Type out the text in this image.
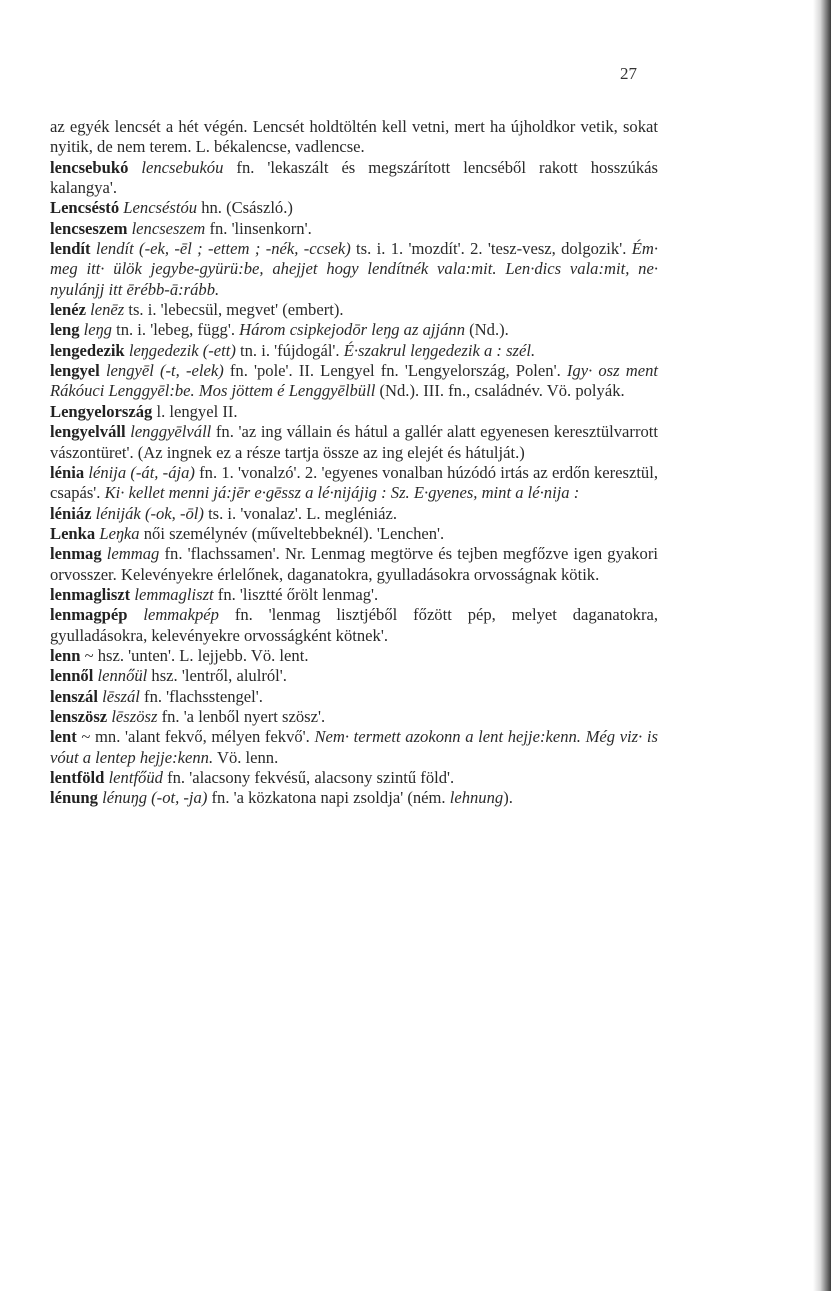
27

az egyék lencsét a hét végén. Lencsét holdtöltén kell vetni, mert ha újholdkor vetik, sokat nyitik, de nem terem. L. békalencse, vadlencse.

lencsebukó lencsebukóu fn. 'lekaszált és megszárított lencséből rakott hosszúkás kalangya'.

Lencséstó Lencséstóu hn. (Császló.)

lencseszem lencseszem fn. 'linsenkorn'.

lendít lendít (-ek, -ēl ; -ettem ; -nék, -ccsek) ts. i. 1. 'mozdít'. 2. 'tesz-vesz, dolgozik'. Ém· meg itt· ülök jegybe-gyürü:be, ahejjet hogy lendítnék vala:mit. Len·dics vala:mit, ne· nyulánjj itt ērébb-ā:rább.

lenéz lenēz ts. i. 'lebecsül, megvet' (embert).

leng leŋg tn. i. 'lebeg, függ'. Három csipkejodōr leŋg az ajjánn (Nd.).

lengedezik leŋgedezik (-ett) tn. i. 'fújdogál'. É·szakrul leŋgedezik a : szél.

lengyel lengyēl (-t, -elek) fn. 'pole'. II. Lengyel fn. 'Lengyelország, Polen'. Igy· osz ment Rákóuci Lenggyēl:be. Mos jöttem é Lenggyēlbüll (Nd.). III. fn., családnév. Vö. polyák.

Lengyelország l. lengyel II.

lengyelváll lenggyēlváll fn. 'az ing vállain és hátul a gallér alatt egyenesen keresztülvarrott vászontüret'. (Az ingnek ez a része tartja össze az ing elejét és hátulját.)

lénia lénija (-át, -ája) fn. 1. 'vonalzó'. 2. 'egyenes vonalban húzódó irtás az erdőn keresztül, csapás'. Ki· kellet menni já:jēr e·gēssz a lé·nijájig : Sz. E·gyenes, mint a lé·nija :

léniáz léniják (-ok, -ōl) ts. i. 'vonalaz'. L. megléniáz.

Lenka Leŋka női személynév (műveltebbeknél). 'Lenchen'.

lenmag lemmag fn. 'flachssamen'. Nr. Lenmag megtörve és tejben megfőzve igen gyakori orvosszer. Kelevényekre érlelőnek, daganatokra, gyulladásokra orvosságnak kötik.

lenmagliszt lemmagliszt fn. 'lisztté őrölt lenmag'.

lenmagpép lemmakpép fn. 'lenmag lisztjéből főzött pép, melyet daganatokra, gyulladásokra, kelevényekre orvosságként kötnek'.

lenn ~ hsz. 'unten'. L. lejjebb. Vö. lent.

lennől lennőül hsz. 'lentről, alulról'.

lenszál lēszál fn. 'flachsstengel'.

lenszösz lēszösz fn. 'a lenből nyert szösz'.

lent ~ mn. 'alant fekvő, mélyen fekvő'. Nem· termett azokonn a lent hejje:kenn. Még viz· is vóut a lentep hejje:kenn. Vö. lenn.

lentföld lentfőüd fn. 'alacsony fekvésű, alacsony szintű föld'.

lénung lénuŋg (-ot, -ja) fn. 'a közkatona napi zsoldja' (ném. lehnung).
